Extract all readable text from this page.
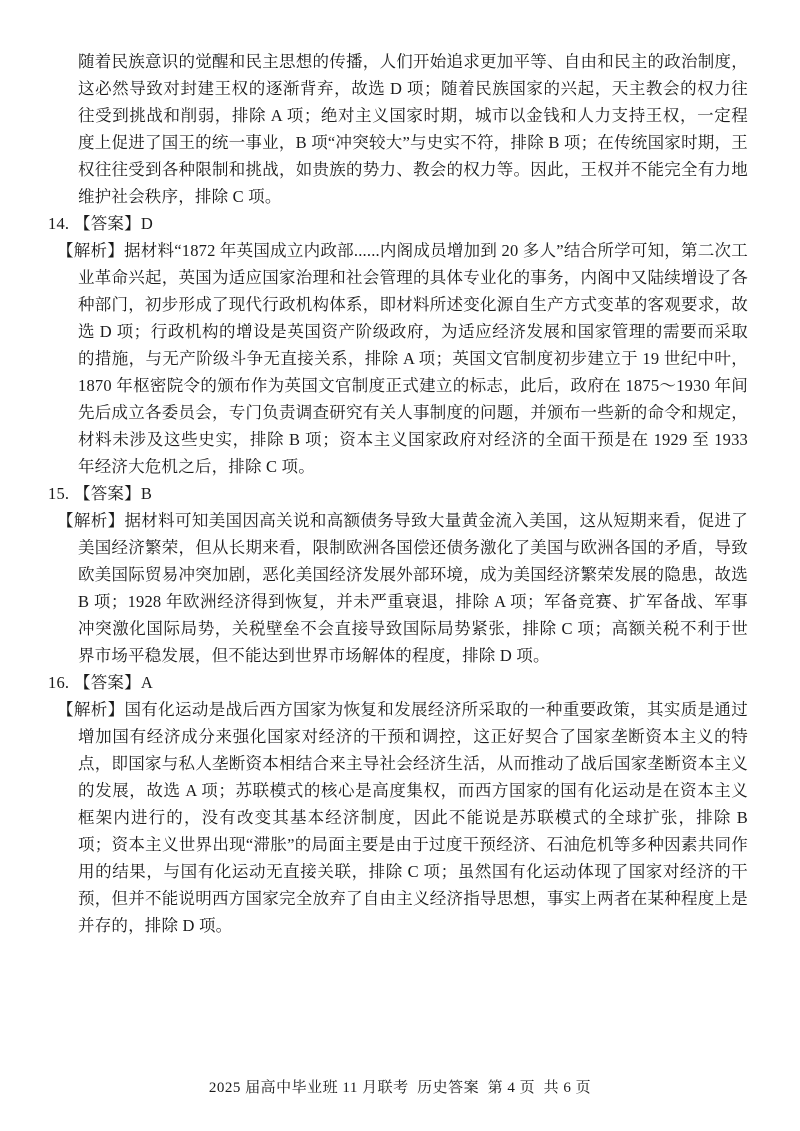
随着民族意识的觉醒和民主思想的传播，人们开始追求更加平等、自由和民主的政治制度，这必然导致对封建王权的逐渐背弃，故选 D 项；随着民族国家的兴起，天主教会的权力往往受到挑战和削弱，排除 A 项；绝对主义国家时期，城市以金钱和人力支持王权，一定程度上促进了国王的统一事业，B 项“冲突较大”与史实不符，排除 B 项；在传统国家时期，王权往往受到各种限制和挑战，如贵族的势力、教会的权力等。因此，王权并不能完全有力地维护社会秩序，排除 C 项。

14. 【答案】D

【解析】据材料“1872 年英国成立内政部......内阁成员增加到 20 多人”结合所学可知，第二次工业革命兴起，英国为适应国家治理和社会管理的具体专业化的事务，内阁中又陆续增设了各种部门，初步形成了现代行政机构体系，即材料所述变化源自生产方式变革的客观要求，故选 D 项；行政机构的增设是英国资产阶级政府，为适应经济发展和国家管理的需要而采取的措施，与无产阶级斗争无直接关系，排除 A 项；英国文官制度初步建立于 19 世纪中叶，1870 年枢密院令的颁布作为英国文官制度正式建立的标志，此后，政府在 1875～1930 年间先后成立各委员会，专门负责调查研究有关人事制度的问题，并颁布一些新的命令和规定，材料未涉及这些史实，排除 B 项；资本主义国家政府对经济的全面干预是在 1929 至 1933 年经济大危机之后，排除 C 项。

15. 【答案】B

【解析】据材料可知美国因高关说和高额债务导致大量黄金流入美国，这从短期来看，促进了美国经济繁荣，但从长期来看，限制欧洲各国偿还债务激化了美国与欧洲各国的矛盾，导致欧美国际贸易冲突加剧，恶化美国经济发展外部环境，成为美国经济繁荣发展的隐患，故选 B 项；1928 年欧洲经济得到恢复，并未严重衰退，排除 A 项；军备竞赛、扩军备战、军事冲突激化国际局势，关税壁垒不会直接导致国际局势紧张，排除 C 项；高额关税不利于世界市场平稳发展，但不能达到世界市场解体的程度，排除 D 项。

16. 【答案】A

【解析】国有化运动是战后西方国家为恢复和发展经济所采取的一种重要政策，其实质是通过增加国有经济成分来强化国家对经济的干预和调控，这正好契合了国家垄断资本主义的特点，即国家与私人垄断资本相结合来主导社会经济生活，从而推动了战后国家垄断资本主义的发展，故选 A 项；苏联模式的核心是高度集权，而西方国家的国有化运动是在资本主义框架内进行的，没有改变其基本经济制度，因此不能说是苏联模式的全球扩张，排除 B 项；资本主义世界出现“滞胀”的局面主要是由于过度干预经济、石油危机等多种因素共同作用的结果，与国有化运动无直接关联，排除 C 项；虽然国有化运动体现了国家对经济的干预，但并不能说明西方国家完全放弃了自由主义经济指导思想，事实上两者在某种程度上是并存的，排除 D 项。

2025 届高中毕业班 11 月联考  历史答案  第 4 页  共 6 页
